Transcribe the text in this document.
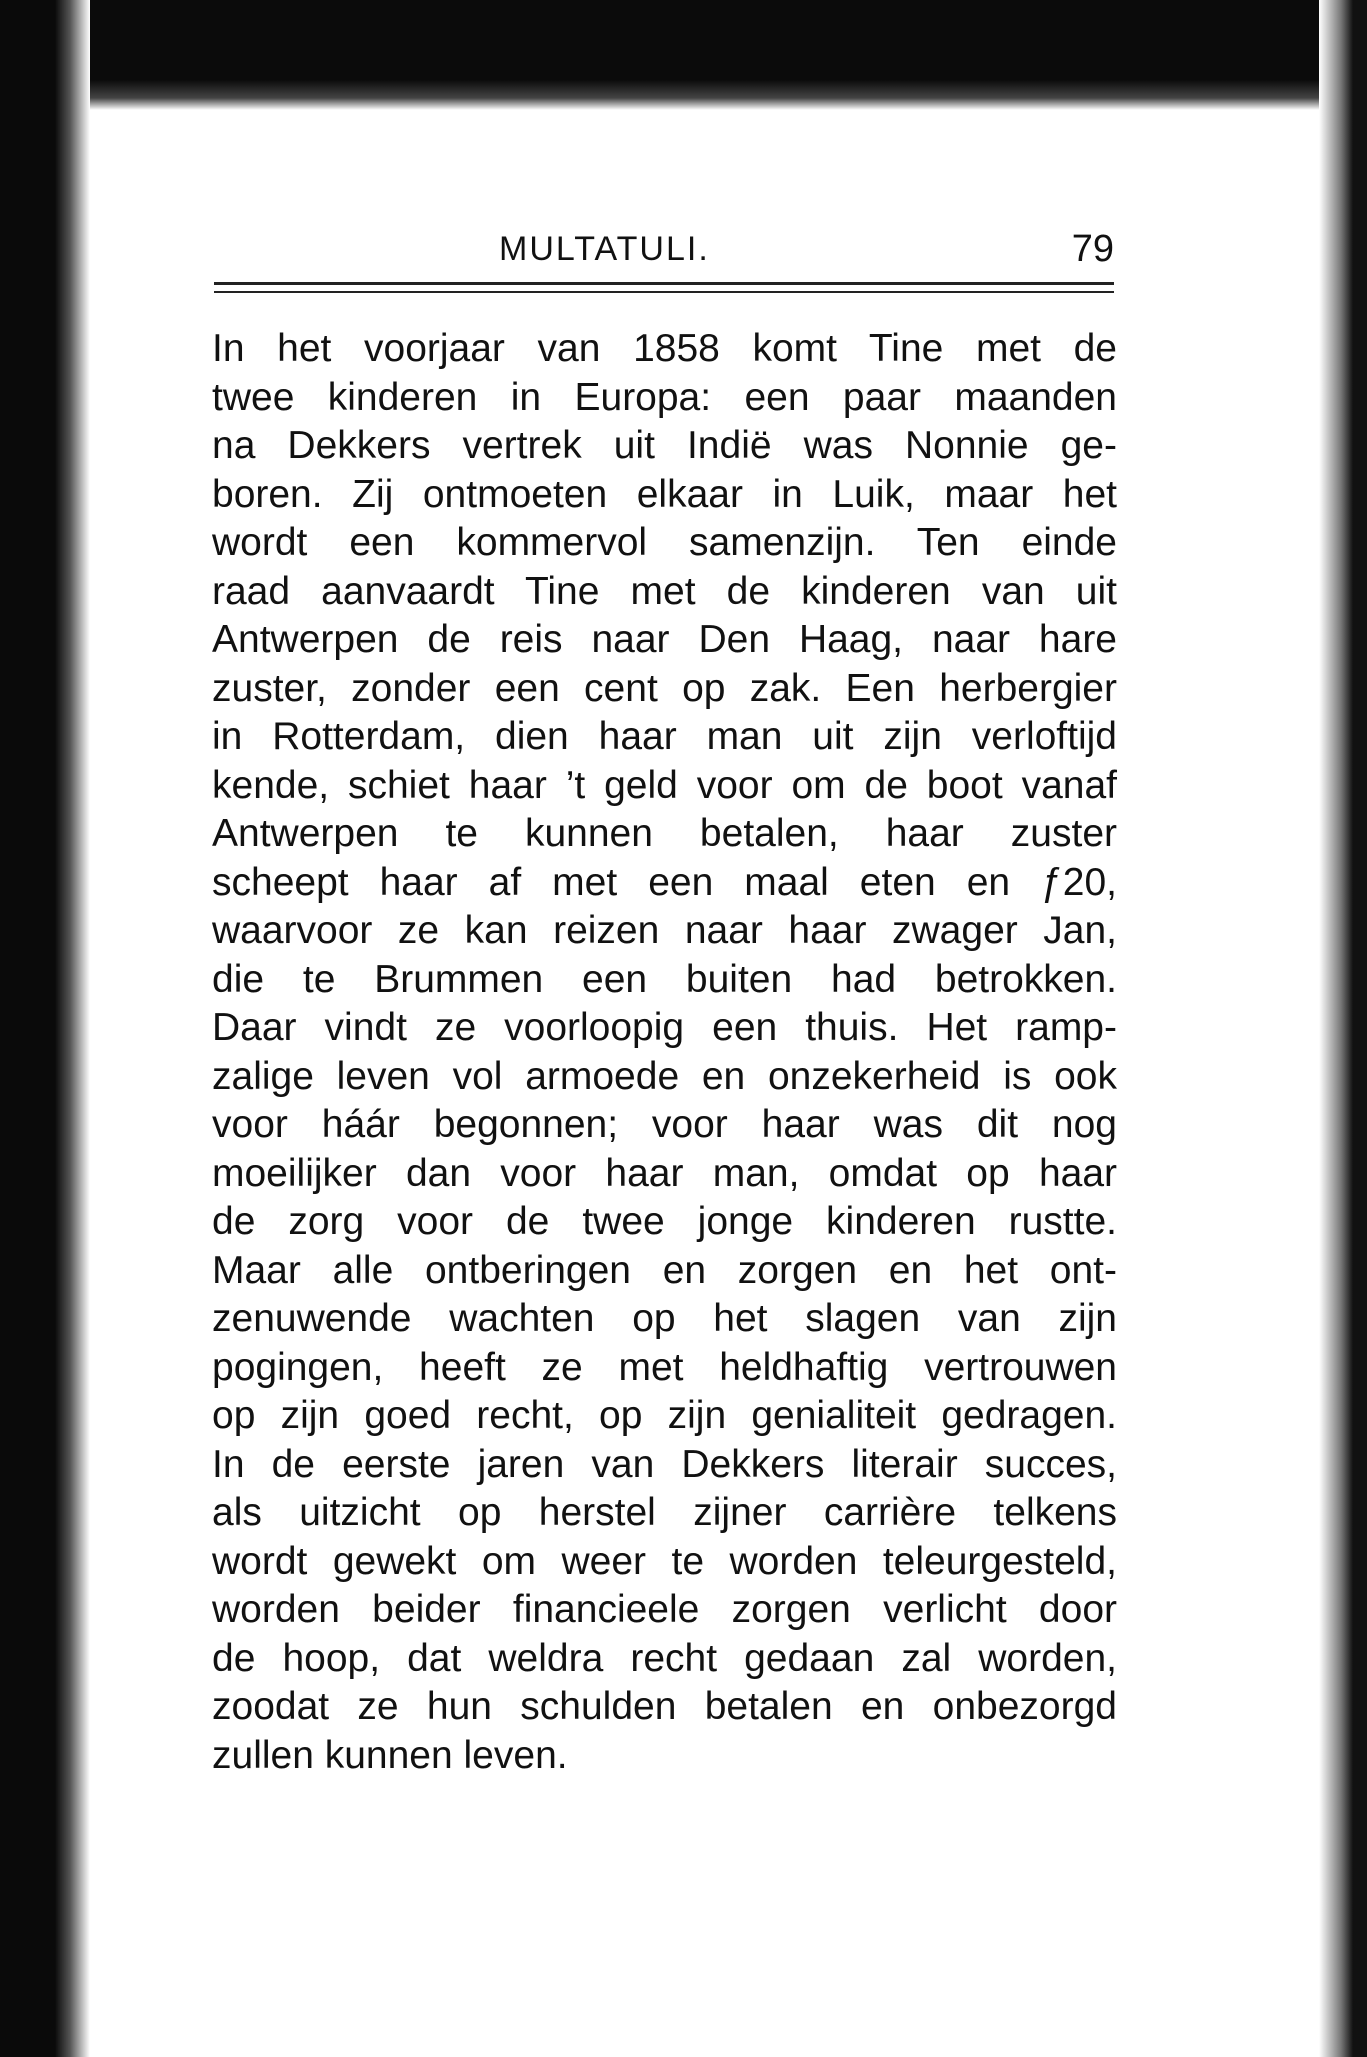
MULTATULI.	79
In het voorjaar van 1858 komt Tine met de
twee kinderen in Europa: een paar maanden
na Dekkers vertrek uit Indië was Nonnie ge-
boren. Zij ontmoeten elkaar in Luik, maar het
wordt een kommervol samenzijn. Ten einde
raad aanvaardt Tine met de kinderen van uit
Antwerpen de reis naar Den Haag, naar hare
zuster, zonder een cent op zak. Een herbergier
in Rotterdam, dien haar man uit zijn verloftijd
kende, schiet haar ’t geld voor om de boot vanaf
Antwerpen te kunnen betalen, haar zuster
scheept haar af met een maal eten en ƒ20,
waarvoor ze kan reizen naar haar zwager Jan,
die te Brummen een buiten had betrokken.
Daar vindt ze voorloopig een thuis. Het ramp-
zalige leven vol armoede en onzekerheid is ook
voor háár begonnen; voor haar was dit nog
moeilijker dan voor haar man, omdat op haar
de zorg voor de twee jonge kinderen rustte.
Maar alle ontberingen en zorgen en het ont-
zenuwende wachten op het slagen van zijn
pogingen, heeft ze met heldhaftig vertrouwen
op zijn goed recht, op zijn genialiteit gedragen.
In de eerste jaren van Dekkers literair succes,
als uitzicht op herstel zijner carrière telkens
wordt gewekt om weer te worden teleurgesteld,
worden beider financieele zorgen verlicht door
de hoop, dat weldra recht gedaan zal worden,
zoodat ze hun schulden betalen en onbezorgd
zullen kunnen leven.
